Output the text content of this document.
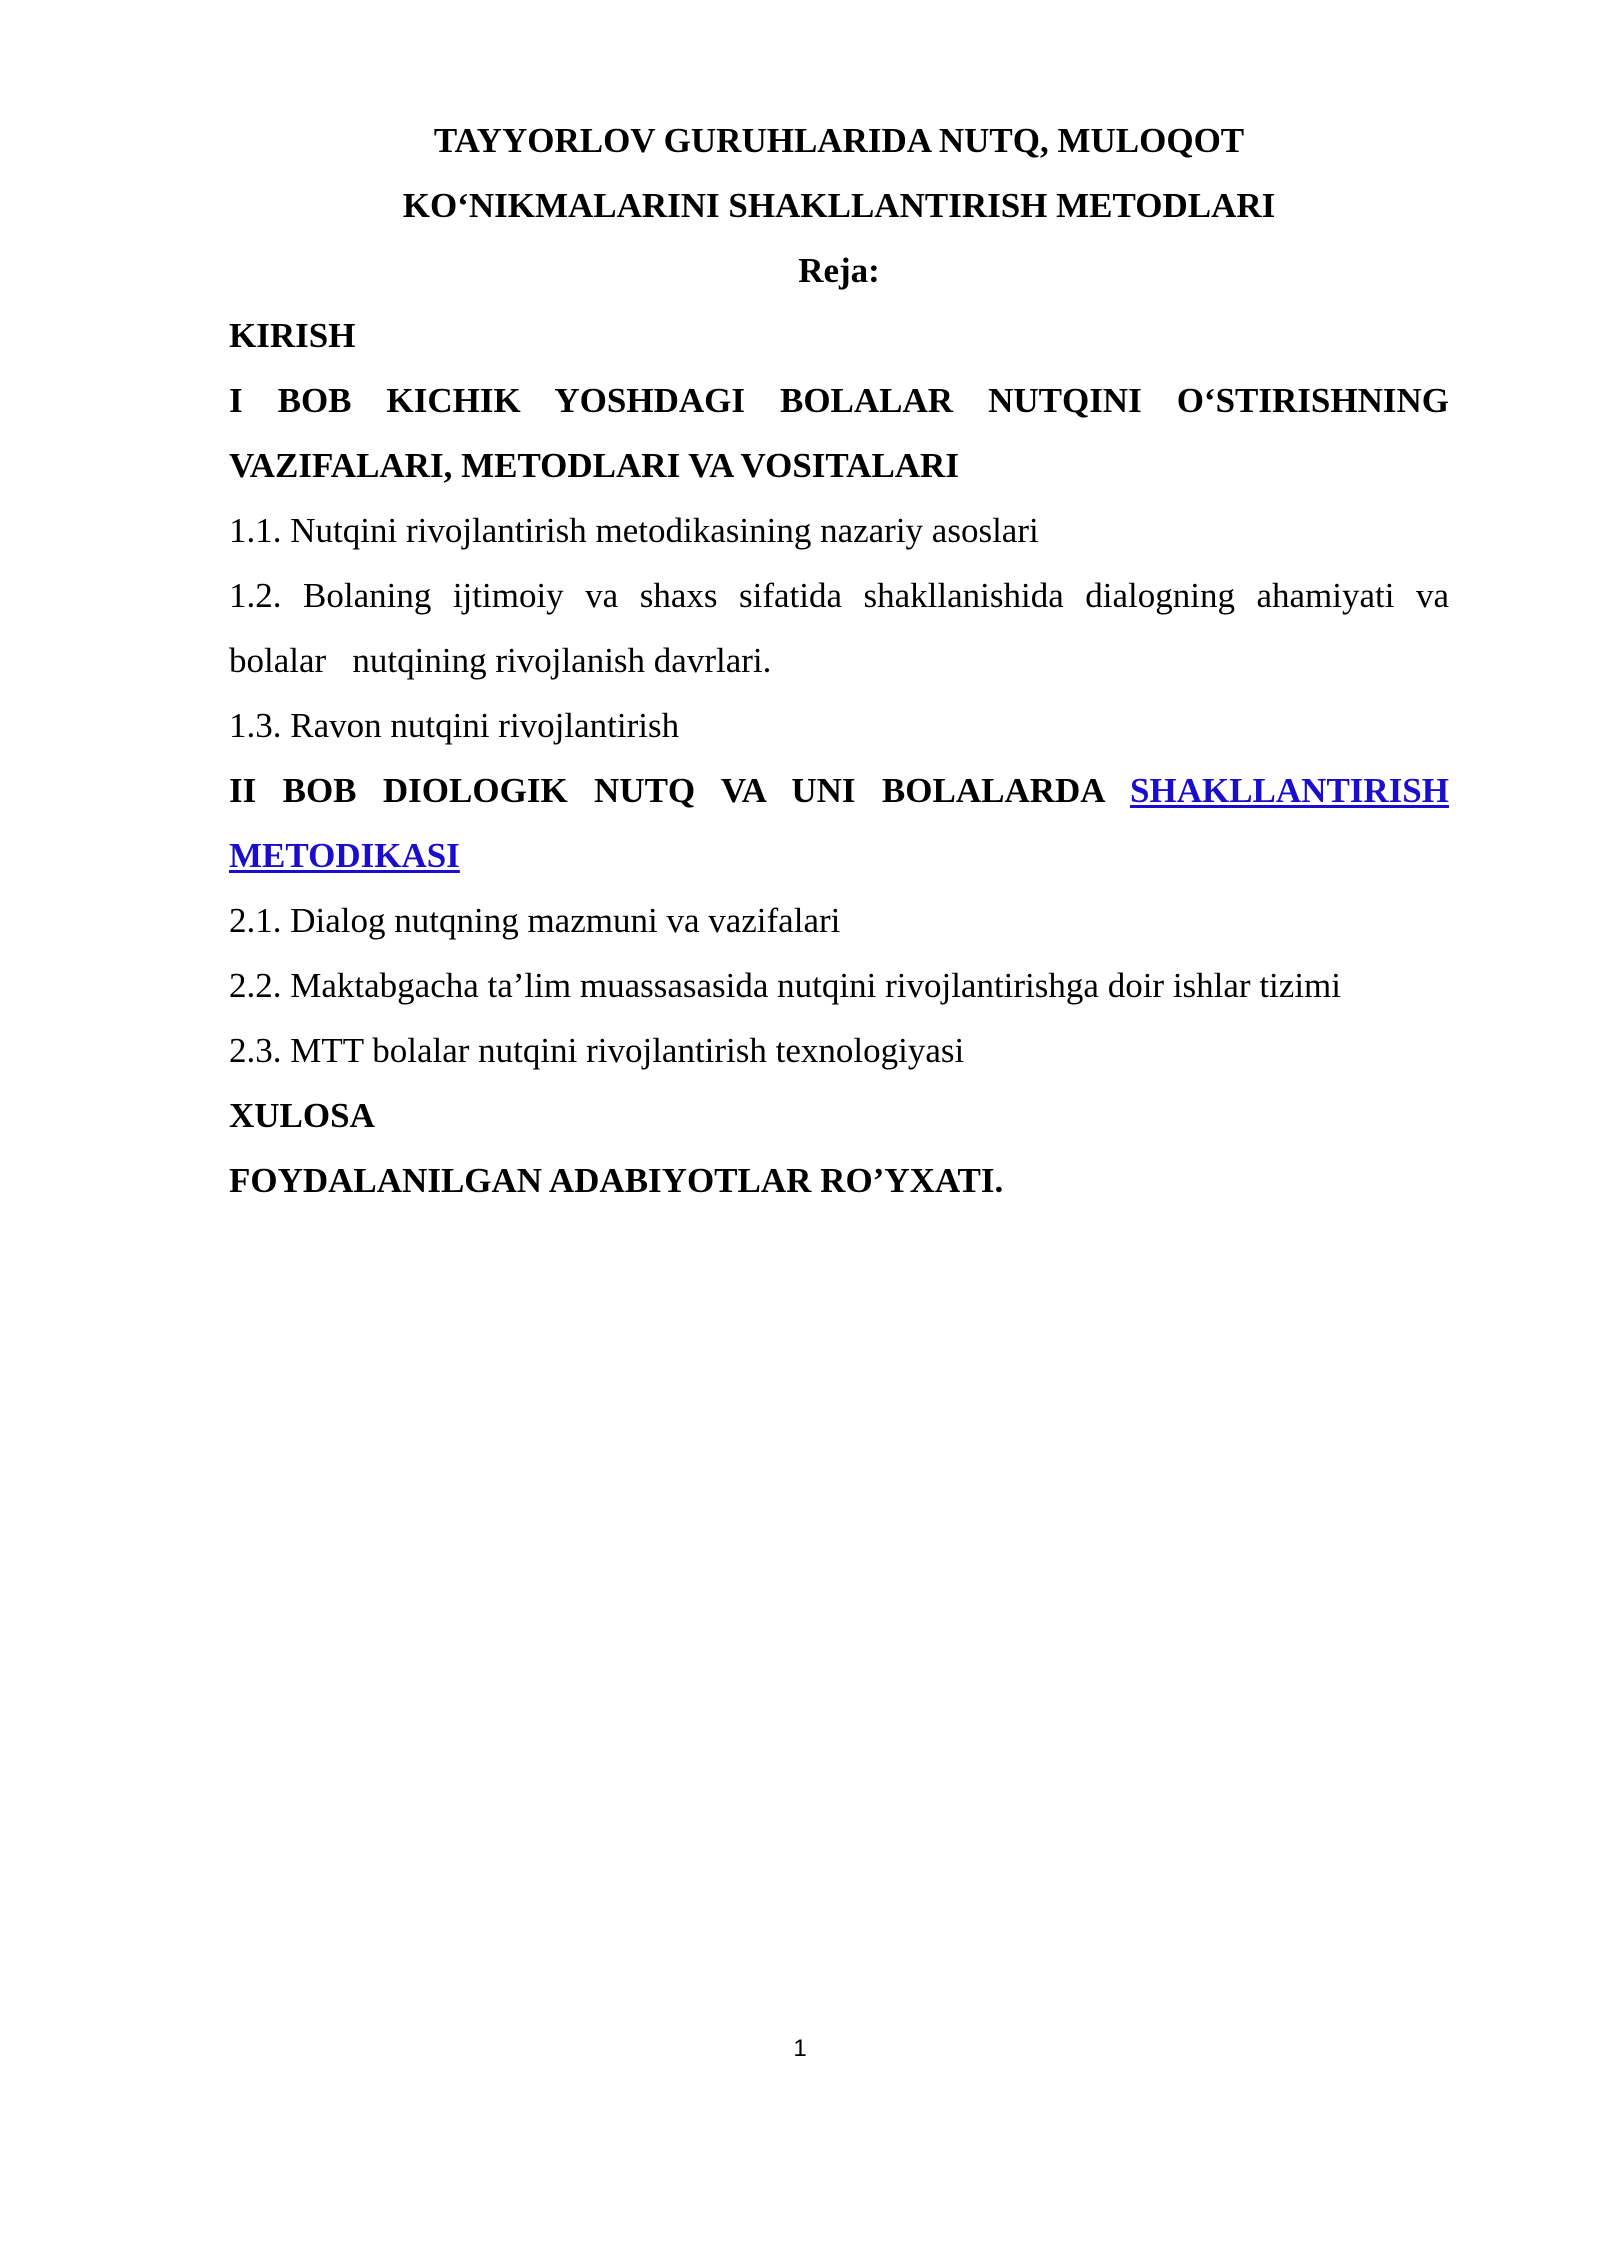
TAYYORLOV GURUHLARIDA NUTQ, MULOQOT
KO‘NIKMALARINI SHAKLLANTIRISH METODLARI
Reja:
KIRISH
I BOB KICHIK YOSHDAGI BOLALAR NUTQINI O‘STIRISHNING
VAZIFALARI, METODLARI VA VOSITALARI
1.1. Nutqini rivojlantirish metodikasining nazariy asoslari
1.2. Bolaning ijtimoiy va shaxs sifatida shakllanishida dialogning ahamiyati va
bolalar   nutqining rivojlanish davrlari.
1.3. Ravon nutqini rivojlantirish
II BOB DIOLOGIK NUTQ VA UNI BOLALARDA SHAKLLANTIRISH
METODIKASI
2.1. Dialog nutqning mazmuni va vazifalari
2.2. Maktabgacha ta’lim muassasasida nutqini rivojlantirishga doir ishlar tizimi
2.3. MTT bolalar nutqini rivojlantirish texnologiyasi
XULOSA
FOYDALANILGAN ADABIYOTLAR RO’YXATI.
1
